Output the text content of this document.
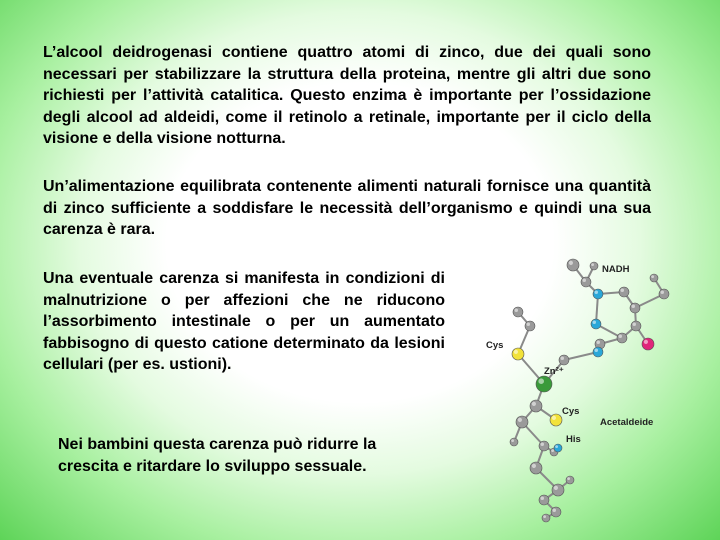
L’alcool deidrogenasi contiene quattro atomi di zinco, due dei quali sono necessari per stabilizzare la struttura della proteina, mentre gli altri due sono richiesti per l’attività catalitica. Questo enzima è importante per l’ossidazione degli alcool ad aldeidi, come il retinolo a retinale, importante per il ciclo della visione e della visione notturna.

Un’alimentazione equilibrata contenente alimenti naturali fornisce una quantità di zinco sufficiente a soddisfare le necessità dell’organismo e quindi una sua carenza è rara.

Una eventuale carenza si manifesta in condizioni di malnutrizione o per affezioni che ne riducono l’assorbimento intestinale o per un aumentato fabbisogno di questo catione determinato da lesioni cellulari (per es. ustioni).

Nei bambini questa carenza può ridurre la crescita e ritardare lo sviluppo sessuale.

NADH
Cys
Zn²⁺
Cys
Acetaldeide
His
